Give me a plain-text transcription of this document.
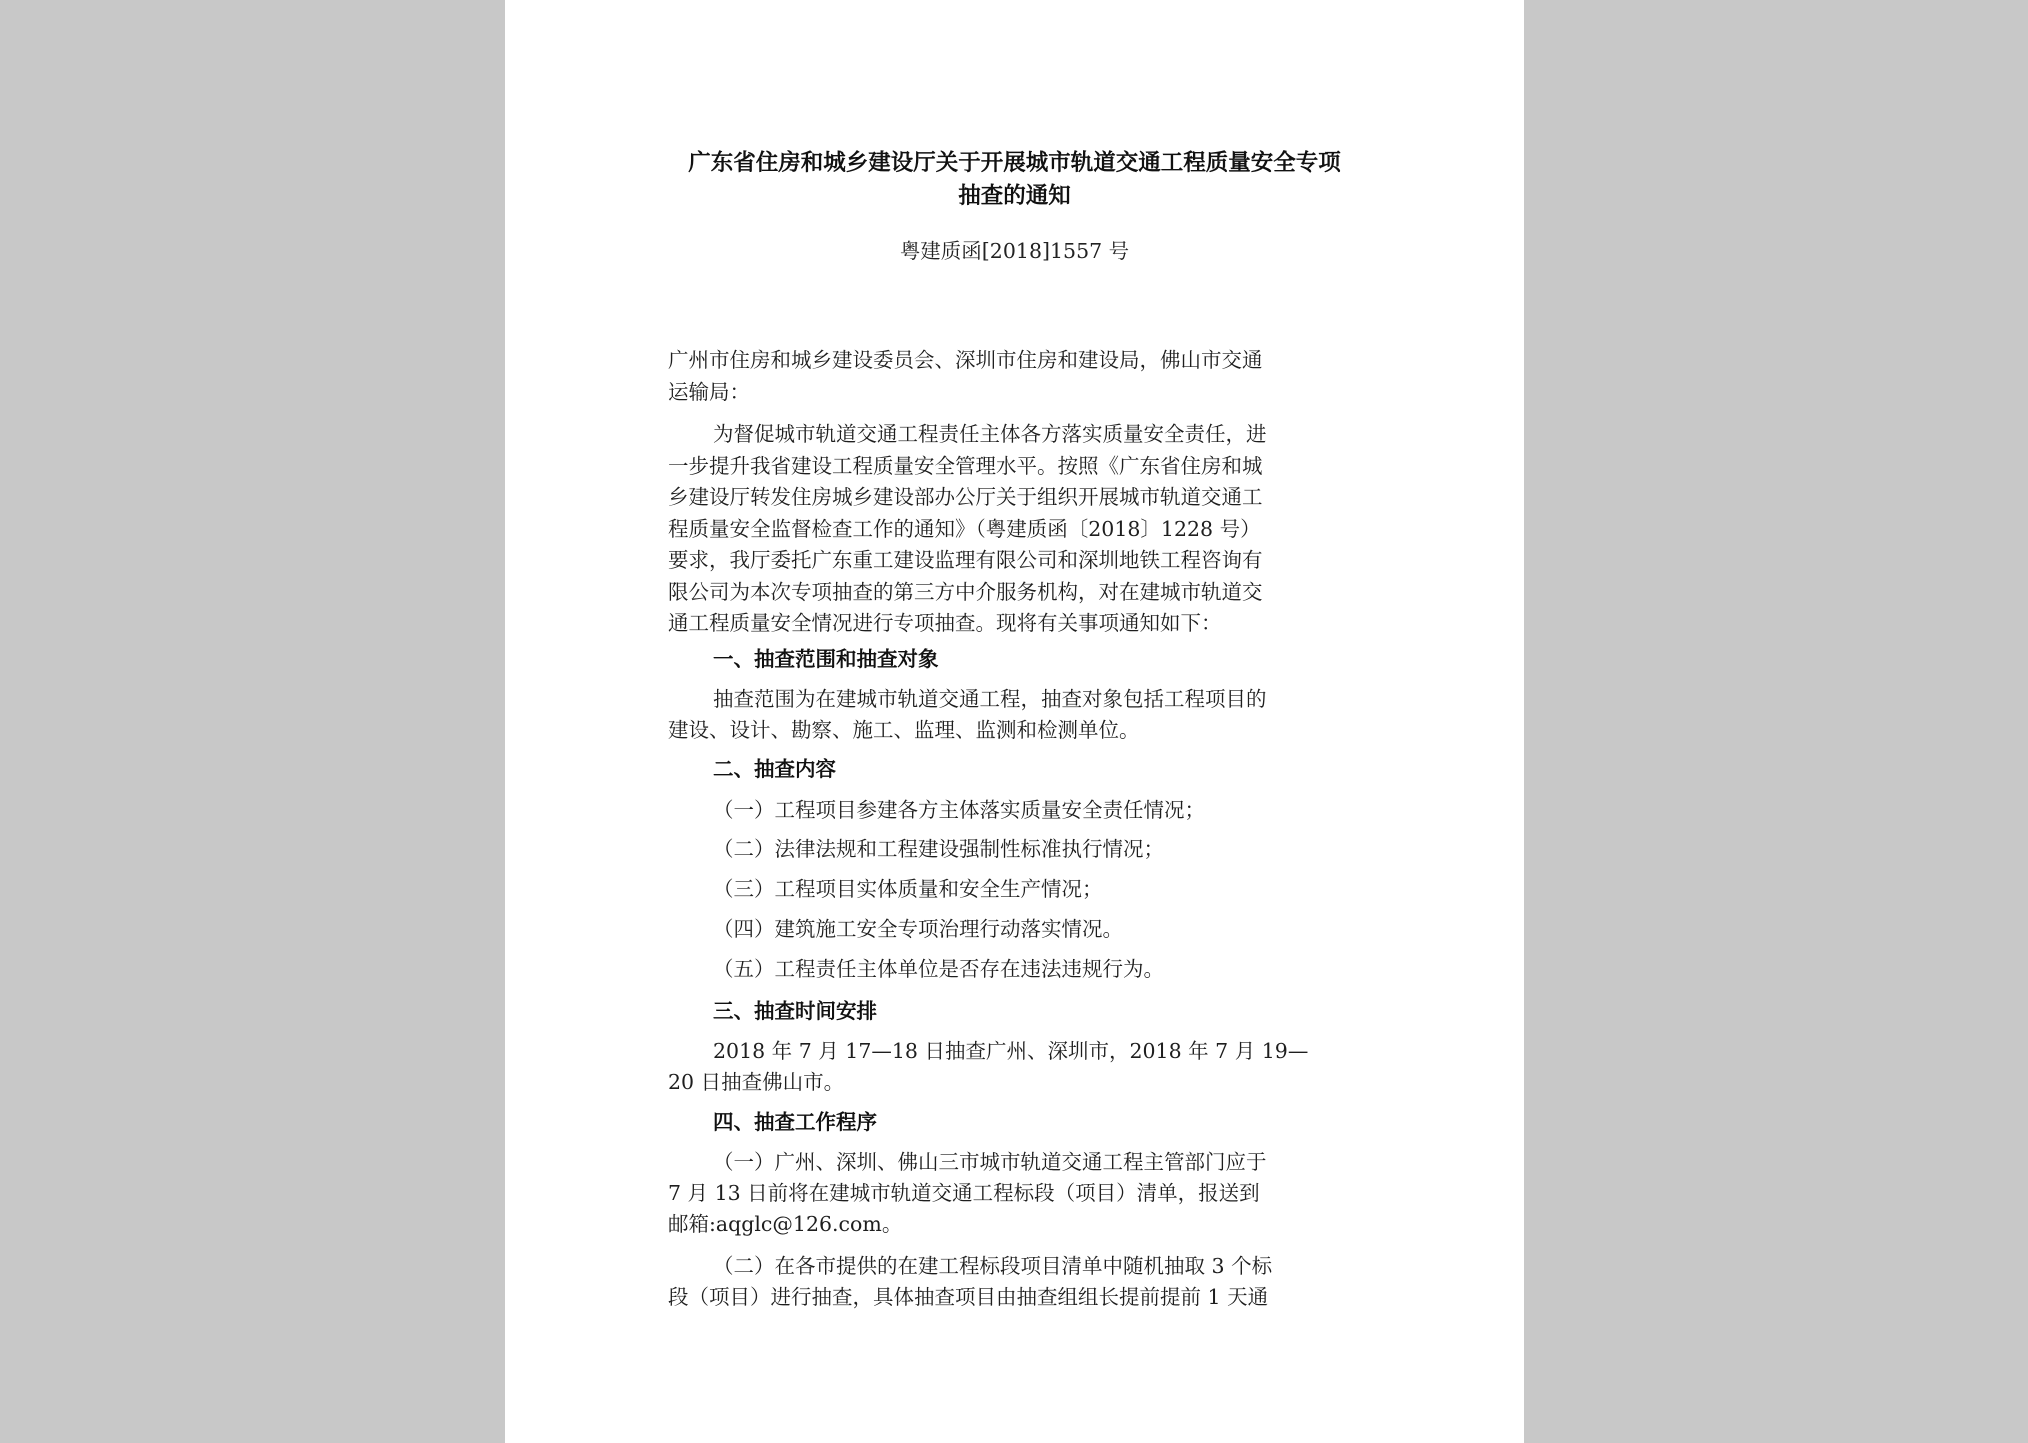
广东省住房和城乡建设厅关于开展城市轨道交通工程质量安全专项
抽查的通知
粤建质函[2018]1557 号
广州市住房和城乡建设委员会、深圳市住房和建设局，佛山市交通
运输局：
为督促城市轨道交通工程责任主体各方落实质量安全责任，进
一步提升我省建设工程质量安全管理水平。按照《广东省住房和城
乡建设厅转发住房城乡建设部办公厅关于组织开展城市轨道交通工
程质量安全监督检查工作的通知》（粤建质函〔2018〕1228 号）
要求，我厅委托广东重工建设监理有限公司和深圳地铁工程咨询有
限公司为本次专项抽查的第三方中介服务机构，对在建城市轨道交
通工程质量安全情况进行专项抽查。现将有关事项通知如下：
一、抽查范围和抽查对象
抽查范围为在建城市轨道交通工程，抽查对象包括工程项目的
建设、设计、勘察、施工、监理、监测和检测单位。
二、抽查内容
（一）工程项目参建各方主体落实质量安全责任情况；
（二）法律法规和工程建设强制性标准执行情况；
（三）工程项目实体质量和安全生产情况；
（四）建筑施工安全专项治理行动落实情况。
（五）工程责任主体单位是否存在违法违规行为。
三、抽查时间安排
2018 年 7 月 17—18 日抽查广州、深圳市，2018 年 7 月 19—
20 日抽查佛山市。
四、抽查工作程序
（一）广州、深圳、佛山三市城市轨道交通工程主管部门应于
7 月 13 日前将在建城市轨道交通工程标段（项目）清单，报送到
邮箱:aqglc@126.com。
（二）在各市提供的在建工程标段项目清单中随机抽取 3 个标
段（项目）进行抽查，具体抽查项目由抽查组组长提前提前 1 天通
